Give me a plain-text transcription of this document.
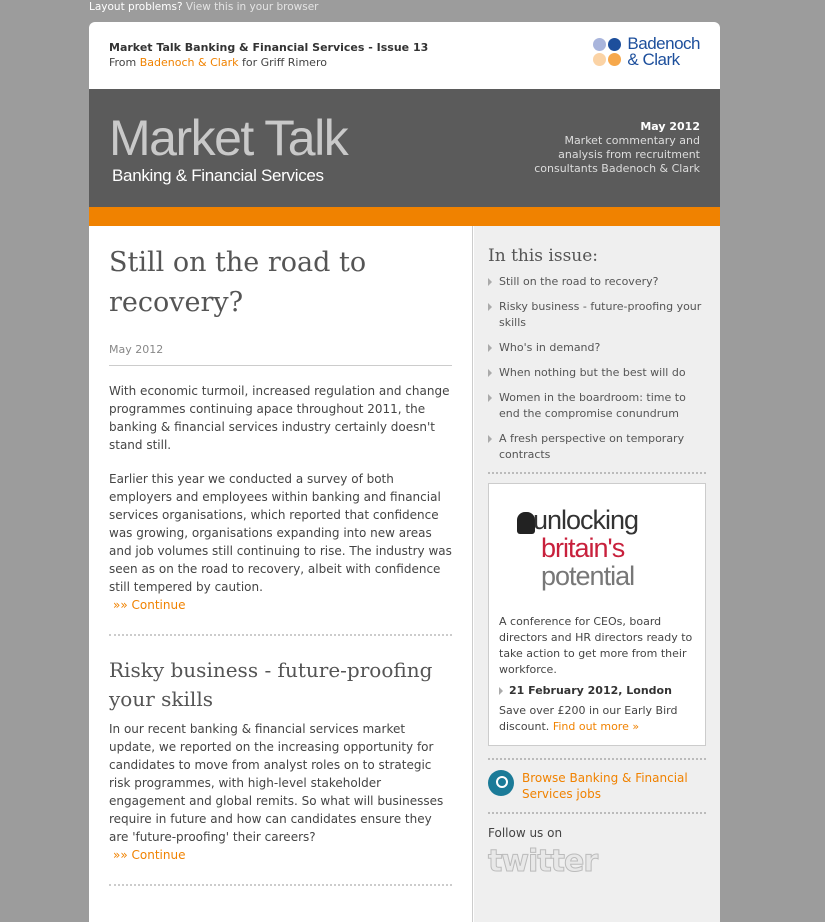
Layout problems? View this in your browser
Market Talk Banking & Financial Services - Issue 13
From Badenoch & Clark for Griff Rimero
Badenoch
& Clark
Market Talk
Banking & Financial Services
May 2012
Market commentary and
analysis from recruitment
consultants Badenoch & Clark
Still on the road to recovery?
May 2012

With economic turmoil, increased regulation and change programmes continuing apace throughout 2011, the banking & financial services industry certainly doesn't stand still.

Earlier this year we conducted a survey of both employers and employees within banking and financial services organisations, which reported that confidence was growing, organisations expanding into new areas and job volumes still continuing to rise. The industry was seen as on the road to recovery, albeit with confidence still tempered by caution.

»» Continue
Risky business - future-proofing your skills

In our recent banking & financial services market update, we reported on the increasing opportunity for candidates to move from analyst roles on to strategic risk programmes, with high-level stakeholder engagement and global remits. So what will businesses require in future and how can candidates ensure they are 'future-proofing' their careers?

»» Continue
In this issue:
Still on the road to recovery?
Risky business - future-proofing your skills
Who's in demand?
When nothing but the best will do
Women in the boardroom: time to end the compromise conundrum
A fresh perspective on temporary contracts
unlocking
britain's
potential
A conference for CEOs, board directors and HR directors ready to take action to get more from their workforce.
21 February 2012, London
Save over £200 in our Early Bird discount. Find out more »
Browse Banking & Financial Services jobs
Follow us on
twitter
